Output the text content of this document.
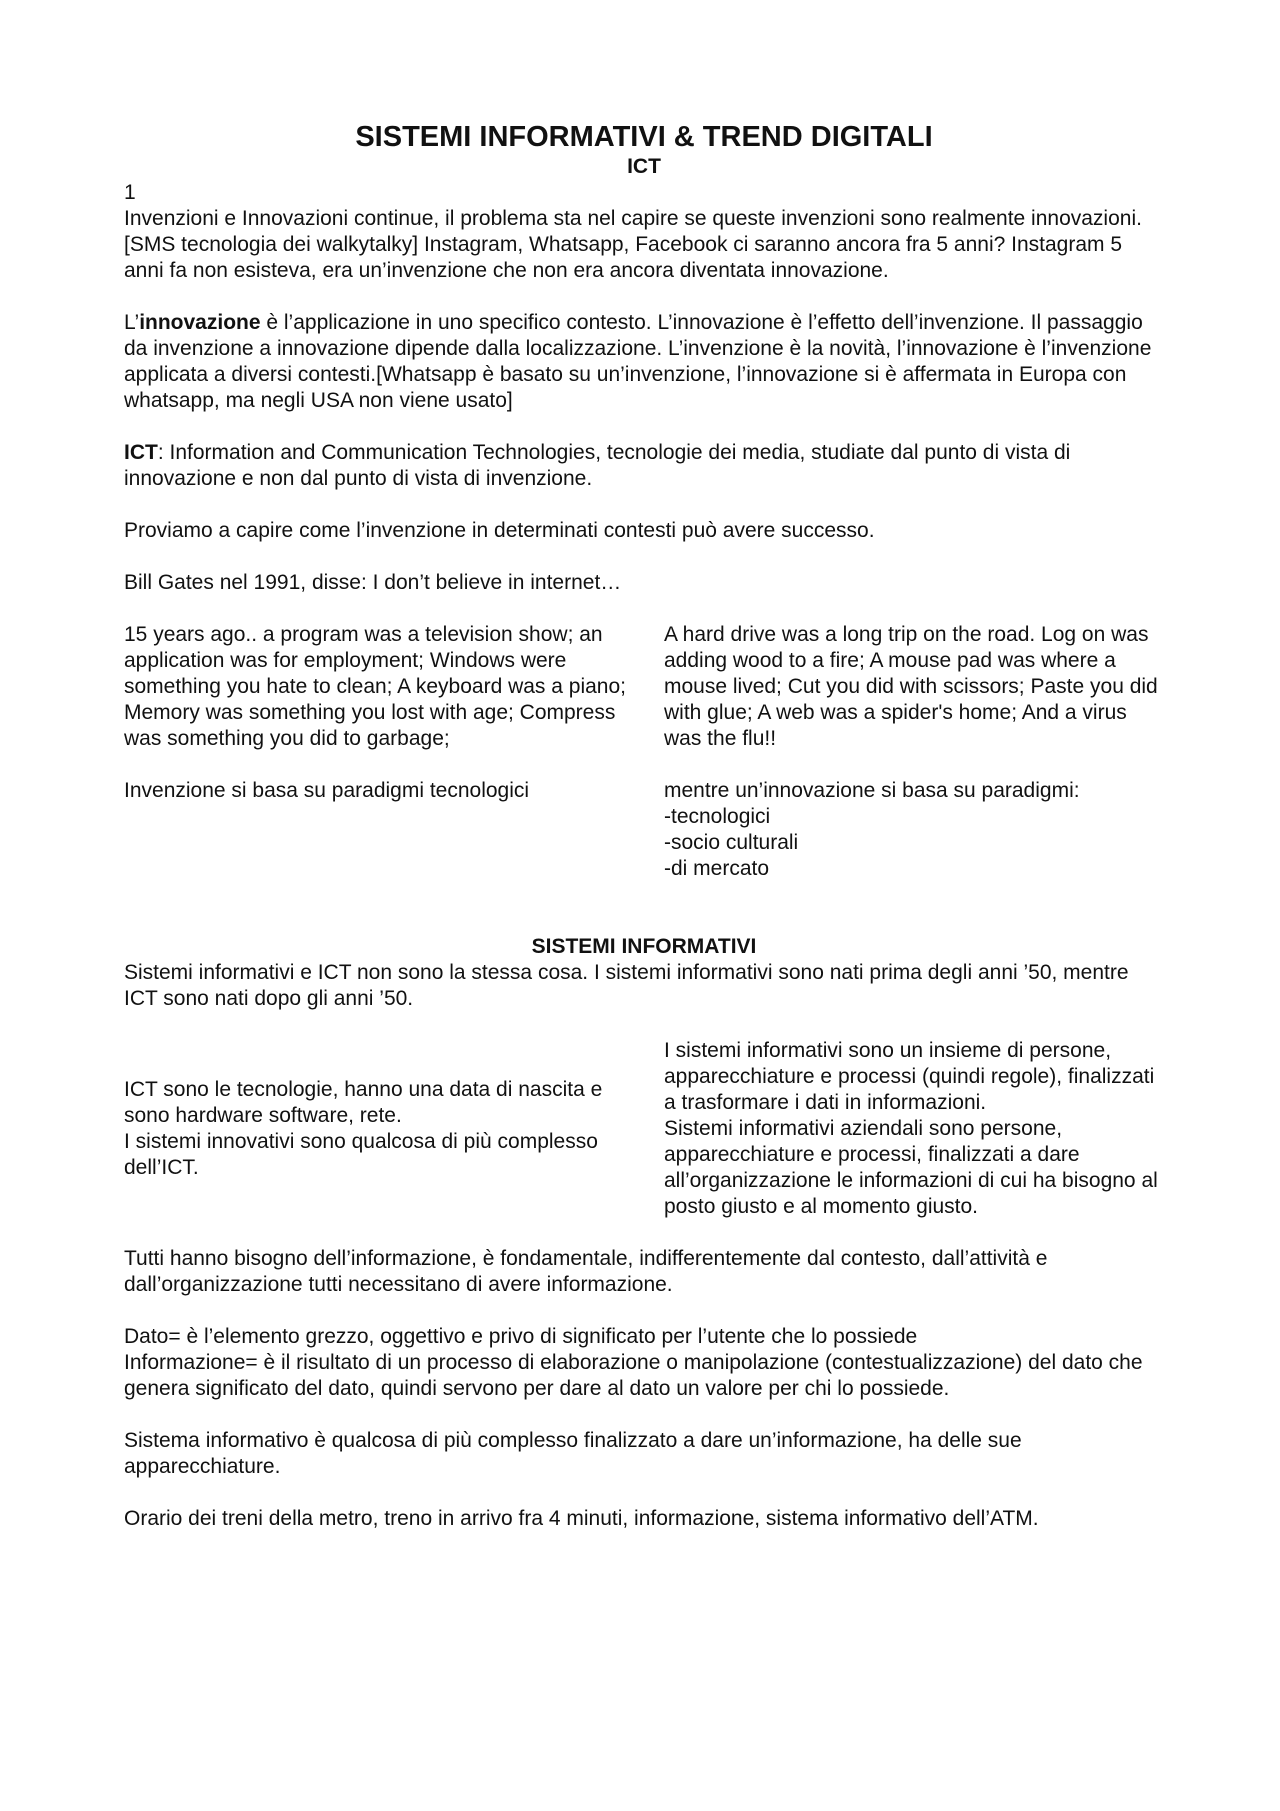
SISTEMI INFORMATIVI & TREND DIGITALI
ICT

1

Invenzioni e Innovazioni continue, il problema sta nel capire se queste invenzioni sono realmente innovazioni. [SMS tecnologia dei walkytalky] Instagram, Whatsapp, Facebook ci saranno ancora fra 5 anni? Instagram 5 anni fa non esisteva, era un’invenzione che non era ancora diventata innovazione.

L’innovazione è l’applicazione in uno specifico contesto. L’innovazione è l’effetto dell’invenzione. Il passaggio da invenzione a innovazione dipende dalla localizzazione. L’invenzione è la novità, l’innovazione è l’invenzione applicata a diversi contesti.[Whatsapp è basato su un’invenzione, l’innovazione si è affermata in Europa con whatsapp, ma negli USA non viene usato]

ICT: Information and Communication Technologies, tecnologie dei media, studiate dal punto di vista di innovazione e non dal punto di vista di invenzione.

Proviamo a capire come l’invenzione in determinati contesti può avere successo.

Bill Gates nel 1991, disse: I don’t believe in internet…

15 years ago.. a program was a television show; an application was for employment; Windows were something you hate to clean; A keyboard was a piano; Memory was something you lost with age; Compress was something you did to garbage;
A hard drive was a long trip on the road. Log on was adding wood to a fire; A mouse pad was where a mouse lived; Cut you did with scissors; Paste you did with glue; A web was a spider's home; And a virus was the flu!!
Invenzione si basa su paradigmi tecnologici	mentre un’innovazione si basa su paradigmi:
-tecnologici
-socio culturali
-di mercato
SISTEMI INFORMATIVI

Sistemi informativi e ICT non sono la stessa cosa. I sistemi informativi sono nati prima degli anni ’50, mentre ICT sono nati dopo gli anni ’50.

ICT sono le tecnologie, hanno una data di nascita e sono hardware software, rete.

I sistemi innovativi sono qualcosa di più complesso dell’ICT.

I sistemi informativi sono un insieme di persone, apparecchiature e processi (quindi regole), finalizzati a trasformare i dati in informazioni.

Sistemi informativi aziendali sono persone, apparecchiature e processi, finalizzati a dare all’organizzazione le informazioni di cui ha bisogno al posto giusto e al momento giusto.

Tutti hanno bisogno dell’informazione, è fondamentale, indifferentemente dal contesto, dall’attività e dall’organizzazione tutti necessitano di avere informazione.

Dato= è l’elemento grezzo, oggettivo e privo di significato per l’utente che lo possiede

Informazione= è il risultato di un processo di elaborazione o manipolazione (contestualizzazione) del dato che genera significato del dato, quindi servono per dare al dato un valore per chi lo possiede.

Sistema informativo è qualcosa di più complesso finalizzato a dare un’informazione, ha delle sue apparecchiature.

Orario dei treni della metro, treno in arrivo fra 4 minuti, informazione, sistema informativo dell’ATM.
